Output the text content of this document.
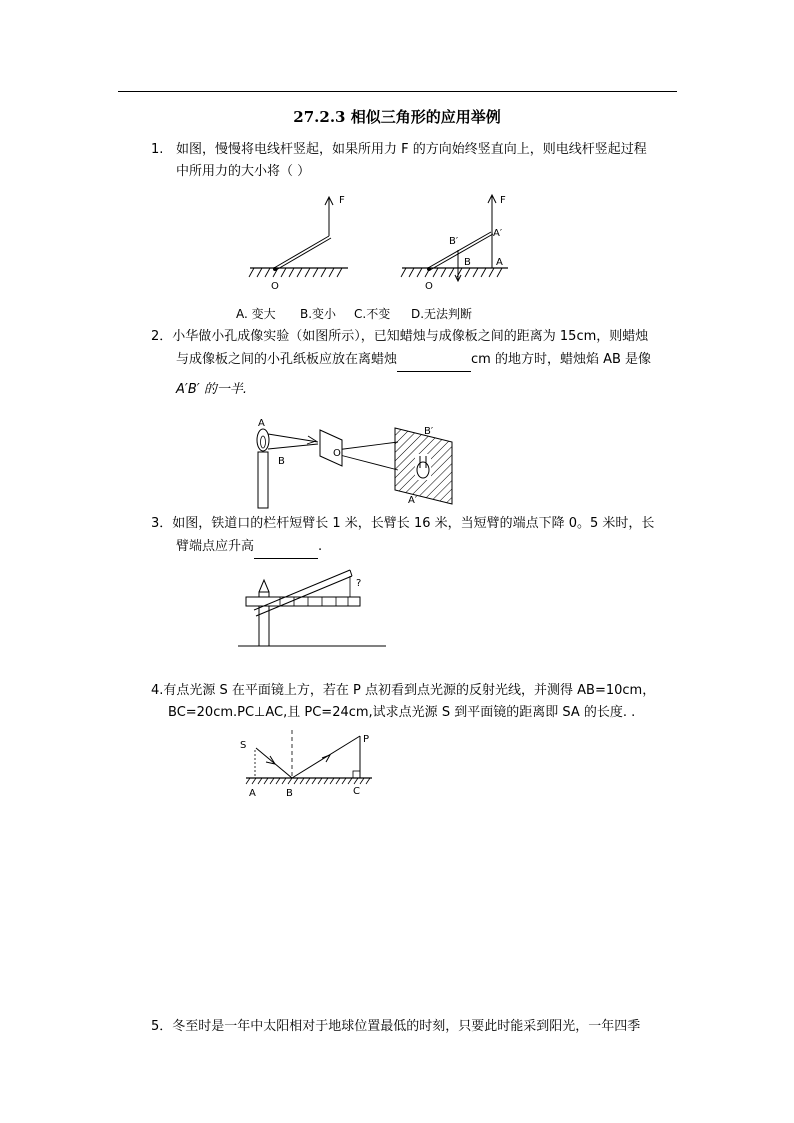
27.2.3 相似三角形的应用举例
1. 如图，慢慢将电线杆竖起，如果所用力 F 的方向始终竖直向上，则电线杆竖起过程
中所用力的大小将（ ）
F
O
F
B′
A′
B	A
O
A. 变大 B.变小 C.不变 D.无法判断
2．小华做小孔成像实验（如图所示），已知蜡烛与成像板之间的距离为 15cm，则蜡烛
与成像板之间的小孔纸板应放在离蜡烛	cm 的地方时，蜡烛焰 AB 是像
A′B′ 的一半.
A
B
O
B′
A′
3．如图，铁道口的栏杆短臂长 1 米，长臂长 16 米，当短臂的端点下降 0。5 米时，长
臂端点应升高	.
?
4.有点光源 S 在平面镜上方，若在 P 点初看到点光源的反射光线，并测得 AB=10cm，
BC=20cm.PC⊥AC,且 PC=24cm,试求点光源 S 到平面镜的距离即 SA 的长度. .
S
P
A	B	C
5．冬至时是一年中太阳相对于地球位置最低的时刻，只要此时能采到阳光，一年四季
